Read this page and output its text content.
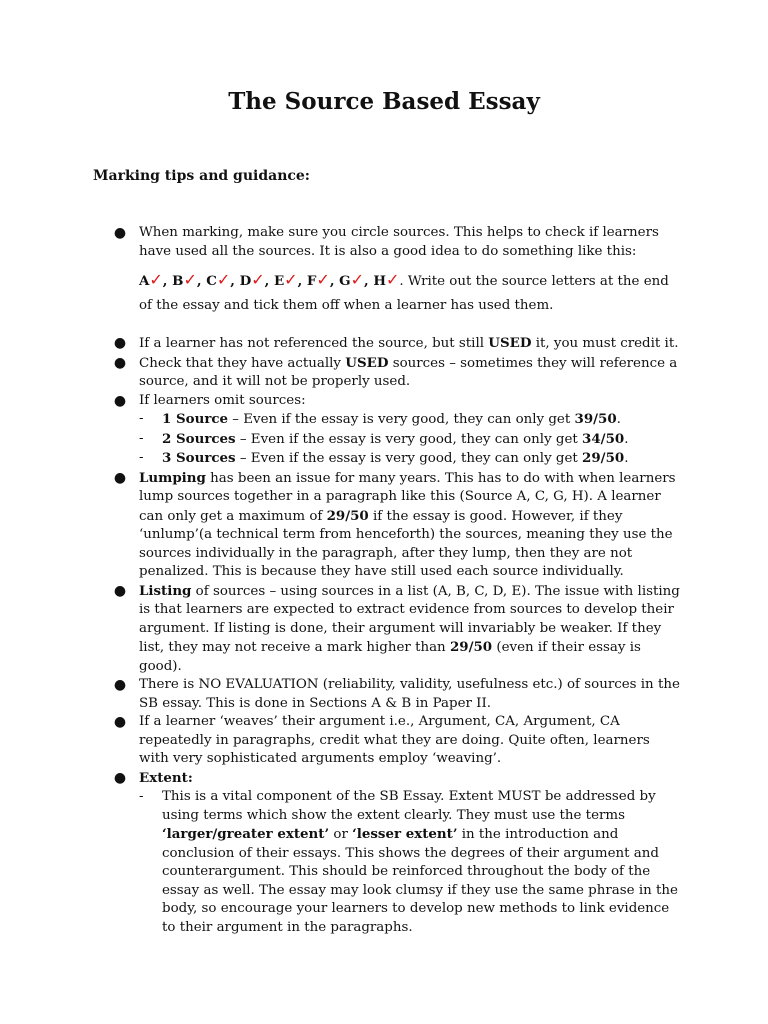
The Source Based Essay

Marking tips and guidance:

● When marking, make sure you circle sources. This helps to check if learners have used all the sources. It is also a good idea to do something like this:
A✓, B✓, C✓, D✓, E✓, F✓, G✓, H✓. Write out the source letters at the end of the essay and tick them off when a learner has used them.
● If a learner has not referenced the source, but still USED it, you must credit it.
● Check that they have actually USED sources – sometimes they will reference a source, and it will not be properly used.
● If learners omit sources:
- 1 Source – Even if the essay is very good, they can only get 39/50.
- 2 Sources – Even if the essay is very good, they can only get 34/50.
- 3 Sources – Even if the essay is very good, they can only get 29/50.
● Lumping has been an issue for many years. This has to do with when learners lump sources together in a paragraph like this (Source A, C, G, H). A learner can only get a maximum of 29/50 if the essay is good. However, if they ‘unlump’(a technical term from henceforth) the sources, meaning they use the sources individually in the paragraph, after they lump, then they are not penalized. This is because they have still used each source individually.
● Listing of sources – using sources in a list (A, B, C, D, E). The issue with listing is that learners are expected to extract evidence from sources to develop their argument. If listing is done, their argument will invariably be weaker. If they list, they may not receive a mark higher than 29/50 (even if their essay is good).
● There is NO EVALUATION (reliability, validity, usefulness etc.) of sources in the SB essay. This is done in Sections A & B in Paper II.
● If a learner ‘weaves’ their argument i.e., Argument, CA, Argument, CA repeatedly in paragraphs, credit what they are doing. Quite often, learners with very sophisticated arguments employ ‘weaving’.
● Extent:
- This is a vital component of the SB Essay. Extent MUST be addressed by using terms which show the extent clearly. They must use the terms ‘larger/greater extent’ or ‘lesser extent’ in the introduction and conclusion of their essays. This shows the degrees of their argument and counterargument. This should be reinforced throughout the body of the essay as well. The essay may look clumsy if they use the same phrase in the body, so encourage your learners to develop new methods to link evidence to their argument in the paragraphs.
